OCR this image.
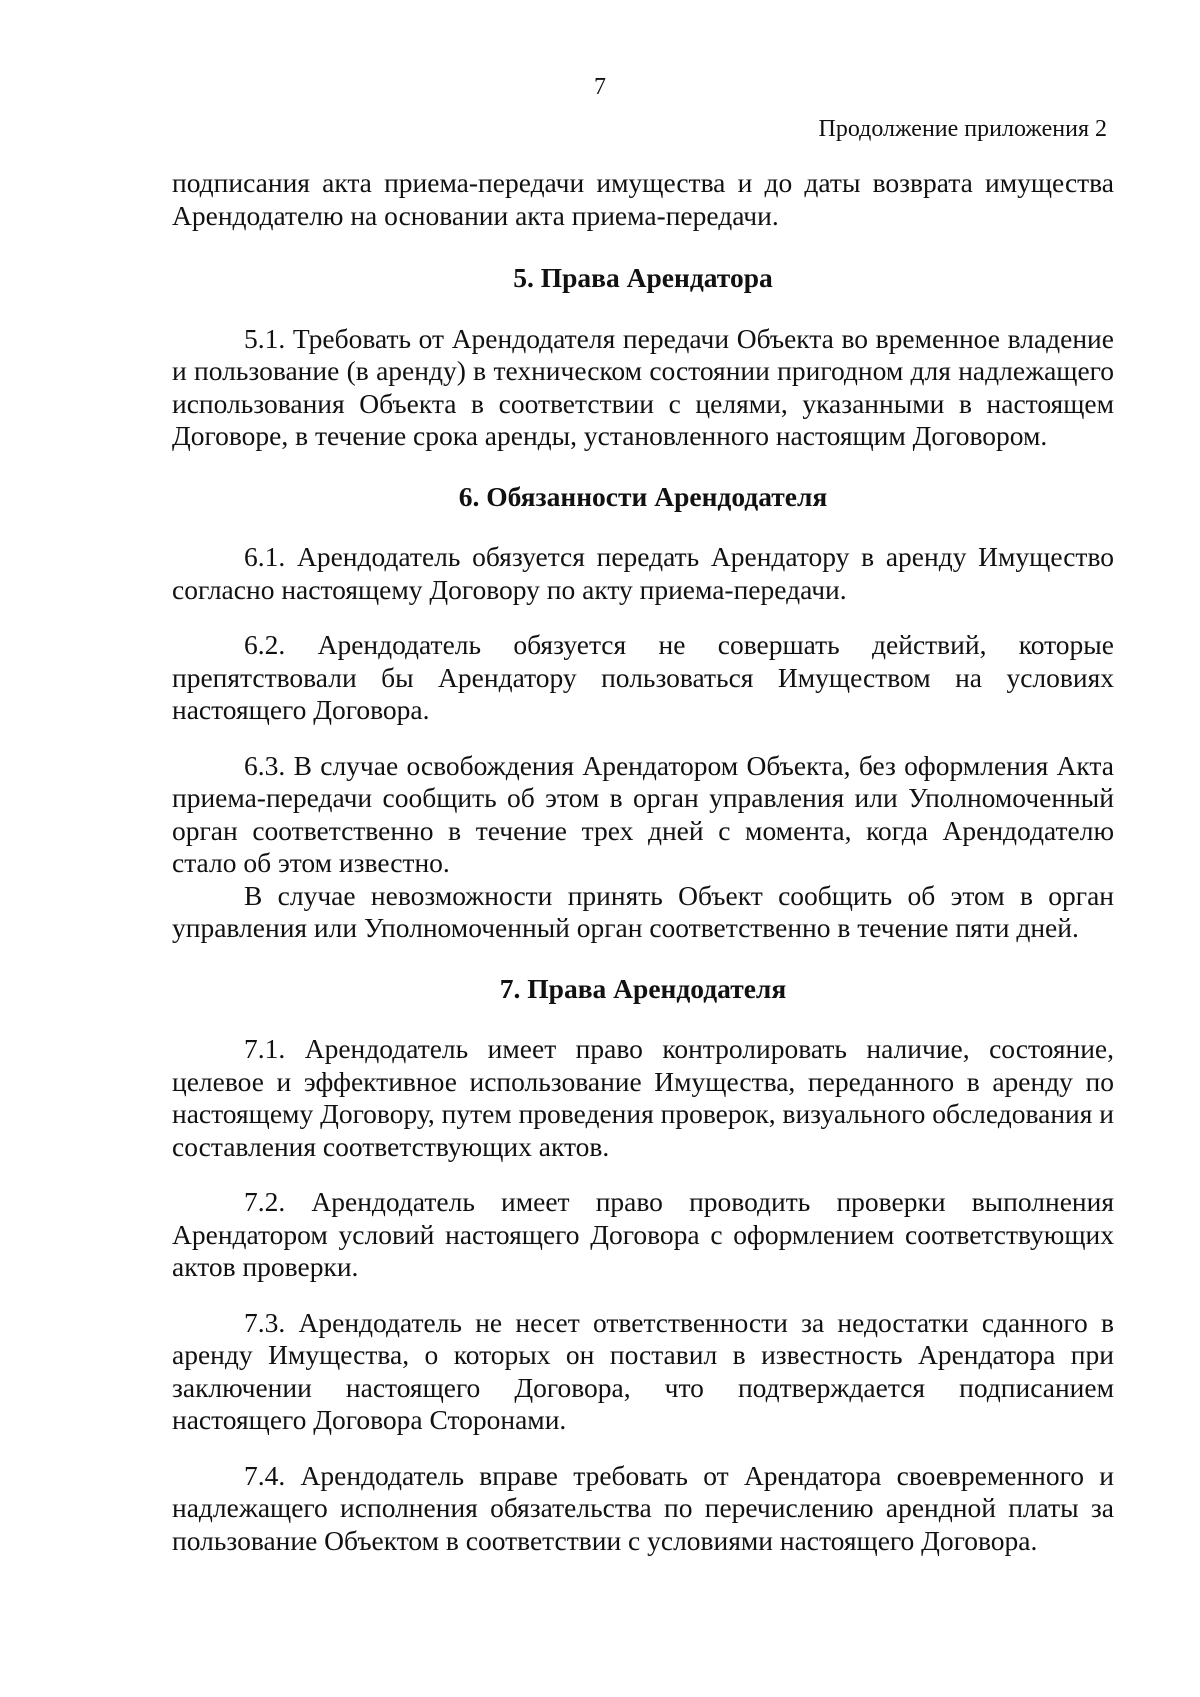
7
Продолжение приложения 2

подписания акта приема-передачи имущества и до даты возврата имущества Арендодателю на основании акта приема-передачи.

5. Права Арендатора

5.1. Требовать от Арендодателя передачи Объекта во временное владение и пользование (в аренду) в техническом состоянии пригодном для надлежащего использования Объекта в соответствии с целями, указанными в настоящем Договоре, в течение срока аренды, установленного настоящим Договором.

6. Обязанности Арендодателя

6.1. Арендодатель обязуется передать Арендатору в аренду Имущество согласно настоящему Договору по акту приема-передачи.

6.2. Арендодатель обязуется не совершать действий, которые препятствовали бы Арендатору пользоваться Имуществом на условиях настоящего Договора.

6.3. В случае освобождения Арендатором Объекта, без оформления Акта приема-передачи сообщить об этом в орган управления или Уполномоченный орган соответственно в течение трех дней с момента, когда Арендодателю стало об этом известно.

В случае невозможности принять Объект сообщить об этом в орган управления или Уполномоченный орган соответственно в течение пяти дней.

7. Права Арендодателя

7.1. Арендодатель имеет право контролировать наличие, состояние, целевое и эффективное использование Имущества, переданного в аренду по настоящему Договору, путем проведения проверок, визуального обследования и составления соответствующих актов.

7.2. Арендодатель имеет право проводить проверки выполнения Арендатором условий настоящего Договора с оформлением соответствующих актов проверки.

7.3. Арендодатель не несет ответственности за недостатки сданного в аренду Имущества, о которых он поставил в известность Арендатора при заключении настоящего Договора, что подтверждается подписанием настоящего Договора Сторонами.

7.4. Арендодатель вправе требовать от Арендатора своевременного и надлежащего исполнения обязательства по перечислению арендной платы за пользование Объектом в соответствии с условиями настоящего Договора.
